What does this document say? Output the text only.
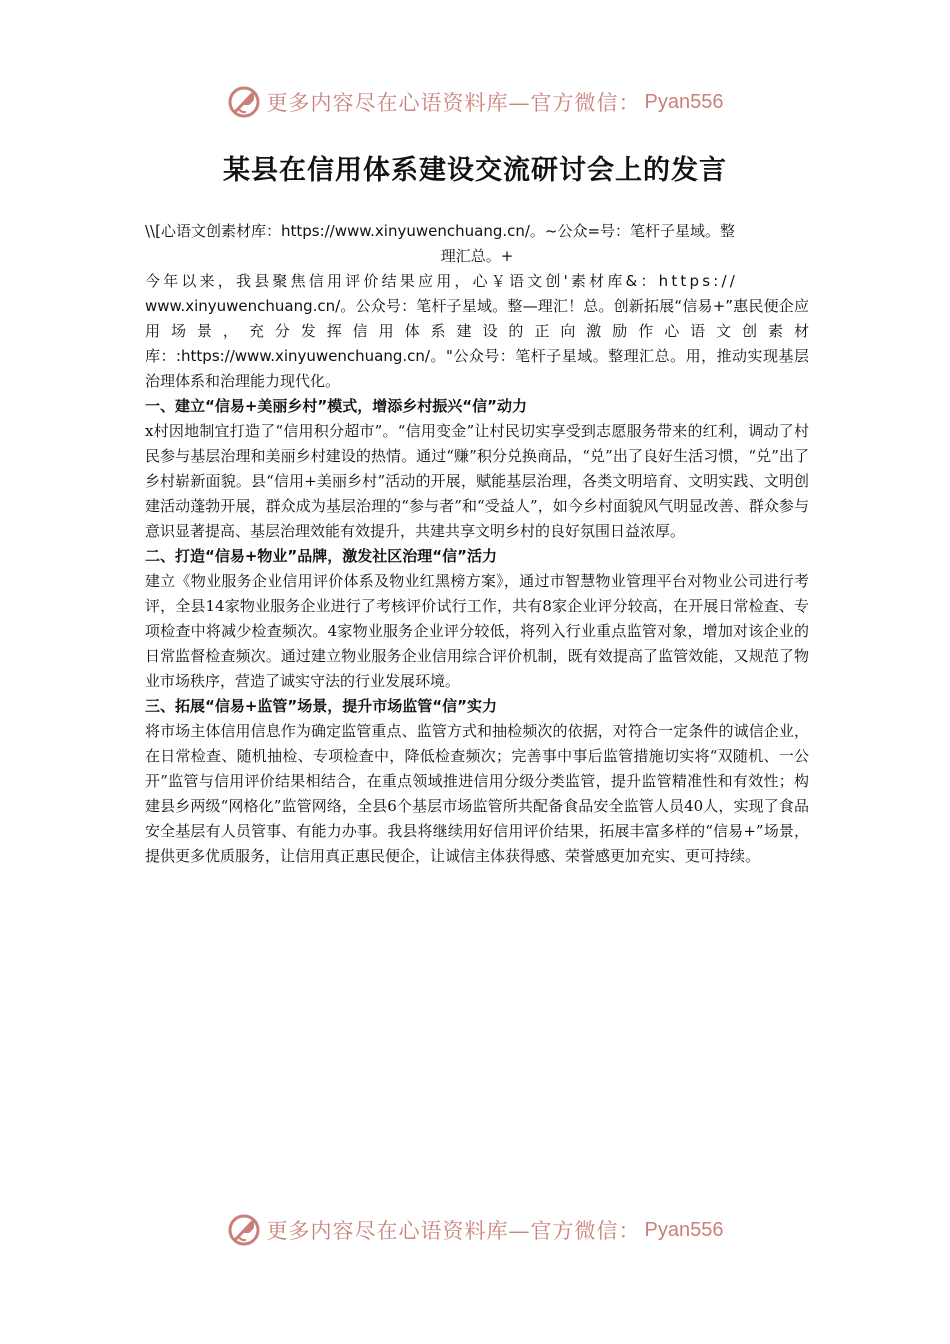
更多内容尽在心语资料库—官方微信： Pyan556
某县在信用体系建设交流研讨会上的发言

\\[心语文创素材库：https://www.xinyuwenchuang.cn/。~公众=号：笔杆子星域。整

理汇总。+

今年以来，我县聚焦信用评价结果应用，心￥语文创'素材库&：https://

www.xinyuwenchuang.cn/。公众号：笔杆子星域。整—理汇！总。创新拓展“信易+”惠民便企应用场景，充分发挥信用体系建设的正向激励作心语文创素材库：:https://www.xinyuwenchuang.cn/。"公众号：笔杆子星域。整理汇总。用，推动实现基层治理体系和治理能力现代化。

一、建立“信易+美丽乡村”模式，增添乡村振兴“信”动力

x村因地制宜打造了“信用积分超市”。“信用变金”让村民切实享受到志愿服务带来的红利，调动了村民参与基层治理和美丽乡村建设的热情。通过“赚”积分兑换商品，“兑”出了良好生活习惯，“兑”出了乡村崭新面貌。县“信用+美丽乡村”活动的开展，赋能基层治理，各类文明培育、文明实践、文明创建活动蓬勃开展，群众成为基层治理的“参与者”和“受益人”，如今乡村面貌风气明显改善、群众参与意识显著提高、基层治理效能有效提升，共建共享文明乡村的良好氛围日益浓厚。

二、打造“信易+物业”品牌，激发社区治理“信”活力

建立《物业服务企业信用评价体系及物业红黑榜方案》，通过市智慧物业管理平台对物业公司进行考评，全县14家物业服务企业进行了考核评价试行工作，共有8家企业评分较高，在开展日常检查、专项检查中将减少检查频次。4家物业服务企业评分较低，将列入行业重点监管对象，增加对该企业的日常监督检查频次。通过建立物业服务企业信用综合评价机制，既有效提高了监管效能，又规范了物业市场秩序，营造了诚实守法的行业发展环境。

三、拓展“信易+监管”场景，提升市场监管“信”实力

将市场主体信用信息作为确定监管重点、监管方式和抽检频次的依据，对符合一定条件的诚信企业，在日常检查、随机抽检、专项检查中，降低检查频次；完善事中事后监管措施切实将“双随机、一公开”监管与信用评价结果相结合，在重点领域推进信用分级分类监管，提升监管精准性和有效性；构建县乡两级“网格化”监管网络，全县6个基层市场监管所共配备食品安全监管人员40人，实现了食品安全基层有人员管事、有能力办事。我县将继续用好信用评价结果，拓展丰富多样的“信易+”场景，提供更多优质服务，让信用真正惠民便企，让诚信主体获得感、荣誉感更加充实、更可持续。

更多内容尽在心语资料库—官方微信： Pyan556
